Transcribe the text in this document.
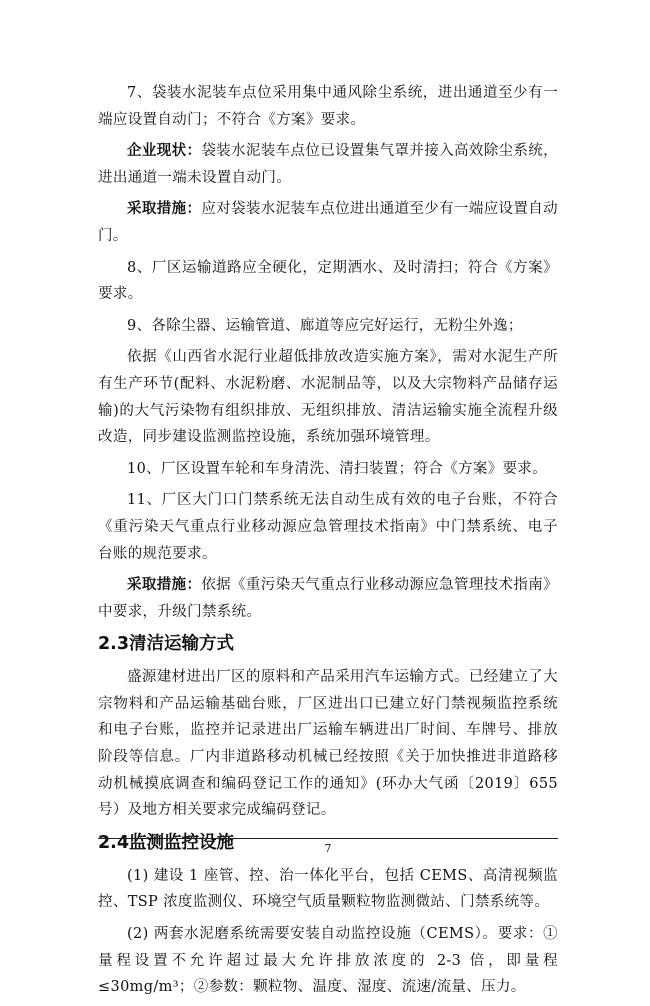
7、袋装水泥装车点位采用集中通风除尘系统，进出通道至少有一端应设置自动门；不符合《方案》要求。

企业现状：袋装水泥装车点位已设置集气罩并接入高效除尘系统，进出通道一端未设置自动门。

采取措施：应对袋装水泥装车点位进出通道至少有一端应设置自动门。

8、厂区运输道路应全硬化，定期洒水、及时清扫；符合《方案》要求。

9、各除尘器、运输管道、廊道等应完好运行，无粉尘外逸；

依据《山西省水泥行业超低排放改造实施方案》，需对水泥生产所有生产环节(配料、水泥粉磨、水泥制品等，以及大宗物料产品储存运输)的大气污染物有组织排放、无组织排放、清洁运输实施全流程升级改造，同步建设监测监控设施，系统加强环境管理。

10、厂区设置车轮和车身清洗、清扫装置；符合《方案》要求。

11、厂区大门口门禁系统无法自动生成有效的电子台账，不符合《重污染天气重点行业移动源应急管理技术指南》中门禁系统、电子台账的规范要求。

采取措施：依据《重污染天气重点行业移动源应急管理技术指南》中要求，升级门禁系统。

2.3清洁运输方式

盛源建材进出厂区的原料和产品采用汽车运输方式。已经建立了大宗物料和产品运输基础台账，厂区进出口已建立好门禁视频监控系统和电子台账，监控并记录进出厂运输车辆进出厂时间、车牌号、排放阶段等信息。厂内非道路移动机械已经按照《关于加快推进非道路移动机械摸底调查和编码登记工作的通知》(环办大气函〔2019〕655 号）及地方相关要求完成编码登记。

2.4监测监控设施

(1) 建设 1 座管、控、治一体化平台，包括 CEMS、高清视频监控、TSP 浓度监测仪、环境空气质量颗粒物监测微站、门禁系统等。

(2) 两套水泥磨系统需要安装自动监控设施（CEMS）。要求：①量程设置不允许超过最大允许排放浓度的 2-3 倍，即量程≤30mg/m³；②参数：颗粒物、温度、湿度、流速/流量、压力。

7
